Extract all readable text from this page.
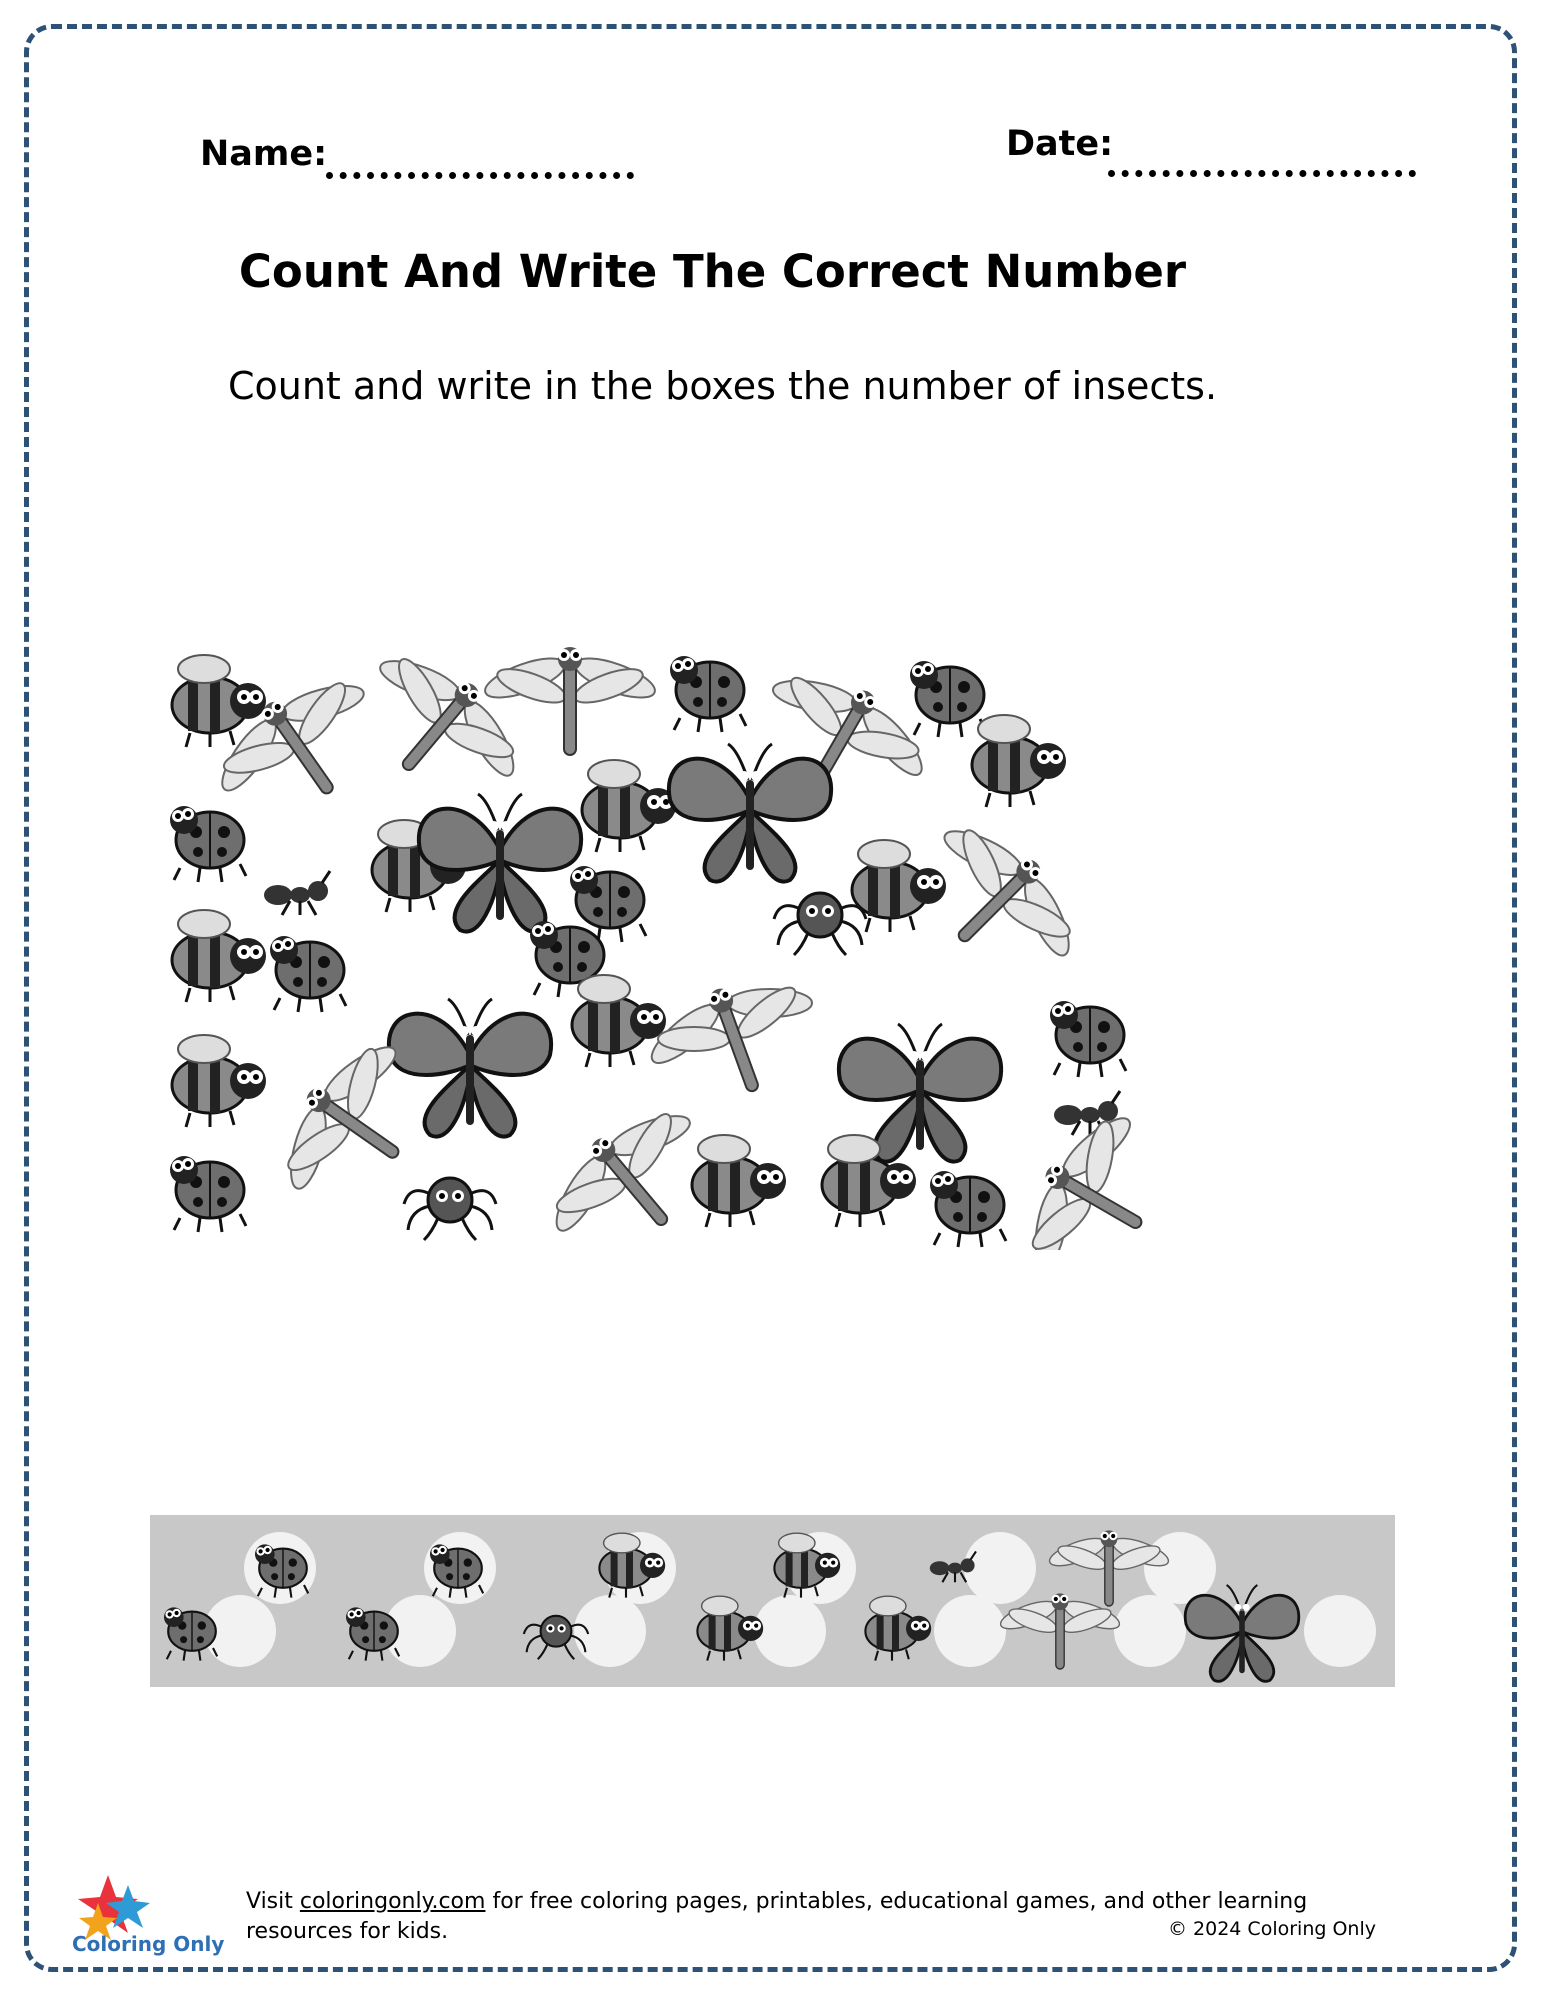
Name:	Date:
Count And Write The Correct Number
Count and write in the boxes the number of insects.
Coloring Only
Visit coloringonly.com for free coloring pages, printables, educational games, and other learning resources for kids.	© 2024 Coloring Only
